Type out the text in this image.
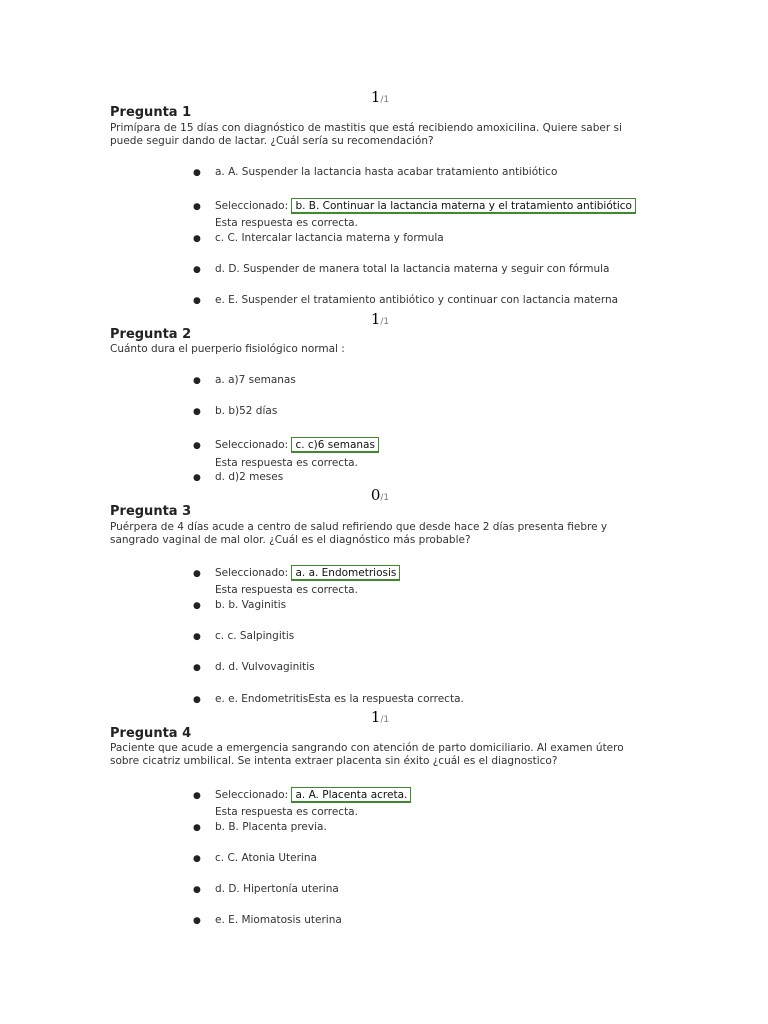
1/1
Pregunta 1
Primípara de 15 días con diagnóstico de mastitis que está recibiendo amoxicilina. Quiere saber si puede seguir dando de lactar. ¿Cuál sería su recomendación?
● a. A. Suspender la lactancia hasta acabar tratamiento antibiótico
● Seleccionado: b. B. Continuar la lactancia materna y el tratamiento antibiótico
Esta respuesta es correcta.
● c. C. Intercalar lactancia materna y formula
● d. D. Suspender de manera total la lactancia materna y seguir con fórmula
● e. E. Suspender el tratamiento antibiótico y continuar con lactancia materna
1/1
Pregunta 2
Cuánto dura el puerperio fisiológico normal :
● a. a)7 semanas
● b. b)52 días
● Seleccionado: c. c)6 semanas
Esta respuesta es correcta.
● d. d)2 meses
0/1
Pregunta 3
Puérpera de 4 días acude a centro de salud refiriendo que desde hace 2 días presenta fiebre y sangrado vaginal de mal olor. ¿Cuál es el diagnóstico más probable?
● Seleccionado: a. a. Endometriosis
Esta respuesta es correcta.
● b. b. Vaginitis
● c. c. Salpingitis
● d. d. Vulvovaginitis
● e. e. EndometritisEsta es la respuesta correcta.
1/1
Pregunta 4
Paciente que acude a emergencia sangrando con atención de parto domiciliario. Al examen útero sobre cicatriz umbilical. Se intenta extraer placenta sin éxito ¿cuál es el diagnostico?
● Seleccionado: a. A. Placenta acreta.
Esta respuesta es correcta.
● b. B. Placenta previa.
● c. C. Atonia Uterina
● d. D. Hipertonía uterina
● e. E. Miomatosis uterina
